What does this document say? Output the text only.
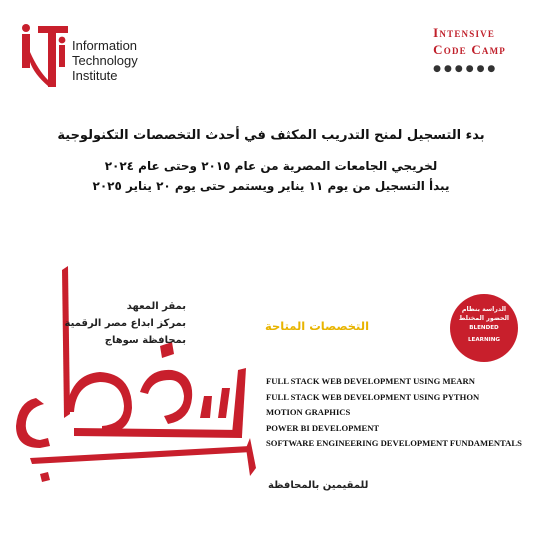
Information
Technology
Institute
Intensive
Code Camp
●●●●●●
بدء التسجيل لمنح التدريب المكثف في أحدث التخصصات التكنولوجية
لخريجي الجامعات المصرية من عام ٢٠١٥ وحتى عام ٢٠٢٤
يبدأ التسجيل من يوم ١١ يناير ويستمر حتى يوم ٢٠ يناير ٢٠٢٥
بمقر المعهد
بمركز ابداع مصر الرقمية
بمحافظة سوهاج
التخصصات المتاحة
الدراسة بنظام
الحضور المختلط
BLENDED
LEARNING
FULL STACK WEB DEVELOPMENT USING MEARN
FULL STACK WEB DEVELOPMENT USING PYTHON
MOTION GRAPHICS
POWER BI DEVELOPMENT
SOFTWARE ENGINEERING DEVELOPMENT FUNDAMENTALS
للمقيمين بالمحافظة
